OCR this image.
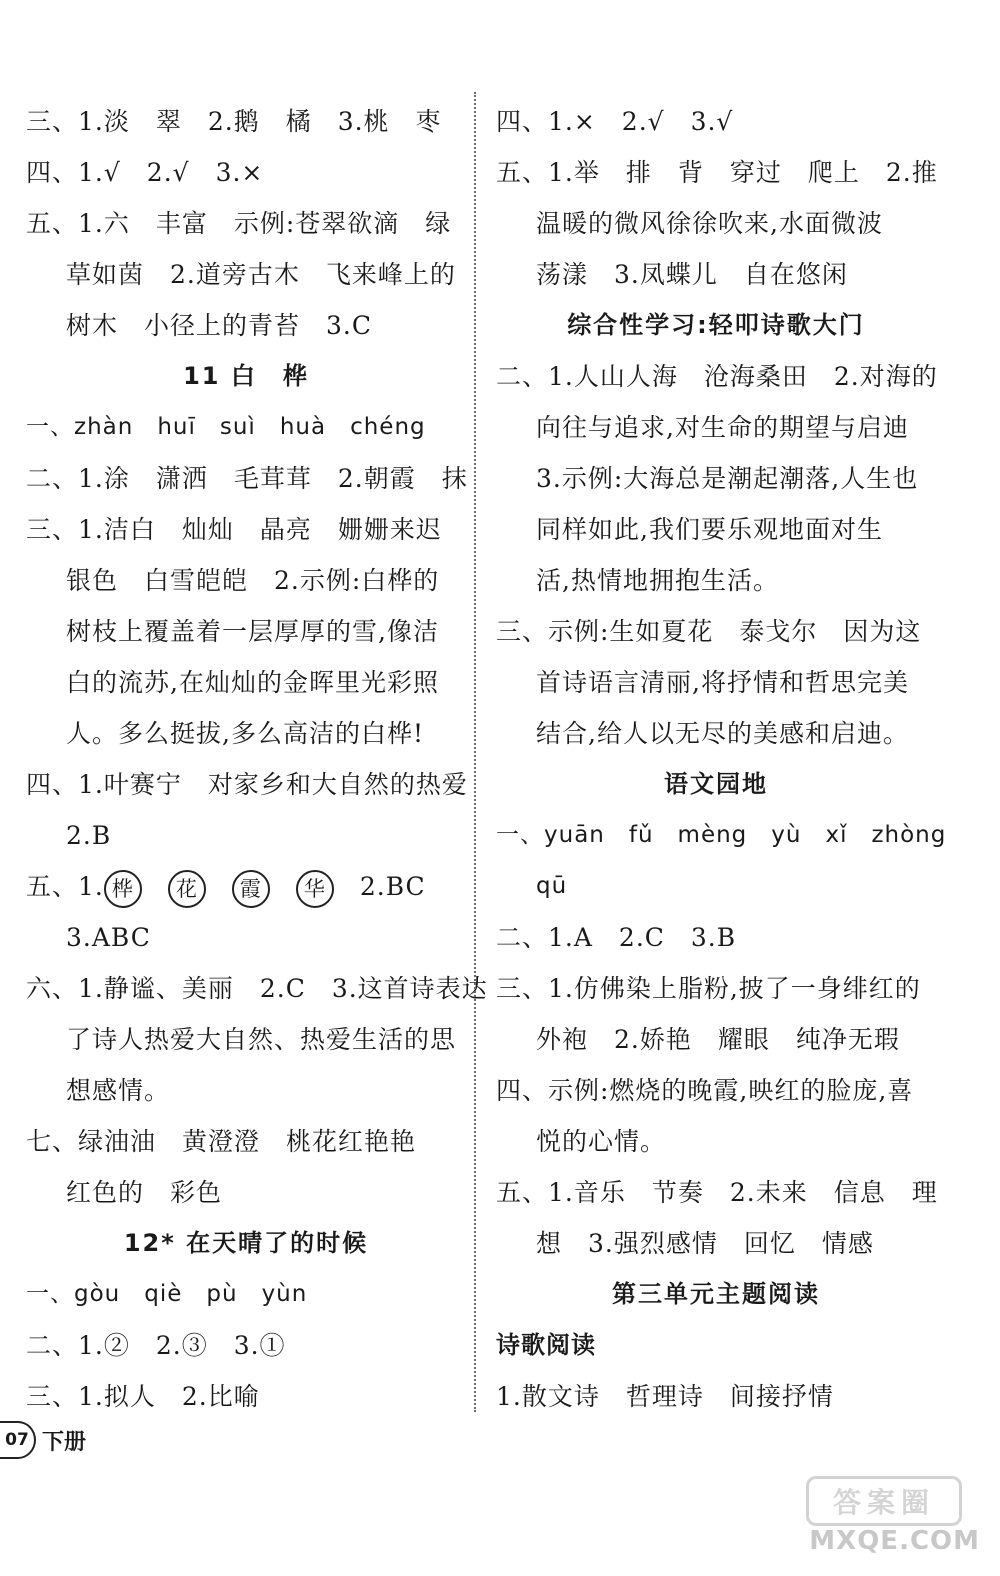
三、1.淡　翠　2.鹅　橘　3.桃　枣
四、1.√　2.√　3.×
五、1.六　丰富　示例:苍翠欲滴　绿
草如茵　2.道旁古木　飞来峰上的
树木　小径上的青苔　3.C
11 白　桦
一、zhàn　huī　suì　huà　chéng
二、1.涂　潇洒　毛茸茸　2.朝霞　抹
三、1.洁白　灿灿　晶亮　姗姗来迟
银色　白雪皑皑　2.示例:白桦的
树枝上覆盖着一层厚厚的雪,像洁
白的流苏,在灿灿的金晖里光彩照
人。多么挺拔,多么高洁的白桦!
四、1.叶赛宁　对家乡和大自然的热爱
2.B
五、1. 桦 花 霞 华 2.BC
3.ABC
六、1.静谧、美丽　2.C　3.这首诗表达
了诗人热爱大自然、热爱生活的思
想感情。
七、绿油油　黄澄澄　桃花红艳艳
红色的　彩色
12* 在天晴了的时候
一、gòu　qiè　pù　yùn
二、1.②　2.③　3.①
三、1.拟人　2.比喻
四、1.×　2.√　3.√
五、1.举　排　背　穿过　爬上　2.推
温暖的微风徐徐吹来,水面微波
荡漾　3.凤蝶儿　自在悠闲
综合性学习:轻叩诗歌大门
二、1.人山人海　沧海桑田　2.对海的
向往与追求,对生命的期望与启迪
3.示例:大海总是潮起潮落,人生也
同样如此,我们要乐观地面对生
活,热情地拥抱生活。
三、示例:生如夏花　泰戈尔　因为这
首诗语言清丽,将抒情和哲思完美
结合,给人以无尽的美感和启迪。
语文园地
一、yuān　fǔ　mèng　yù　xǐ　zhòng
qū
二、1.A　2.C　3.B
三、1.仿佛染上脂粉,披了一身绯红的
外袍　2.娇艳　耀眼　纯净无瑕
四、示例:燃烧的晚霞,映红的脸庞,喜
悦的心情。
五、1.音乐　节奏　2.未来　信息　理
想　3.强烈感情　回忆　情感
第三单元主题阅读
诗歌阅读
1.散文诗　哲理诗　间接抒情
07 下册
答案圈
MXQE.COM
